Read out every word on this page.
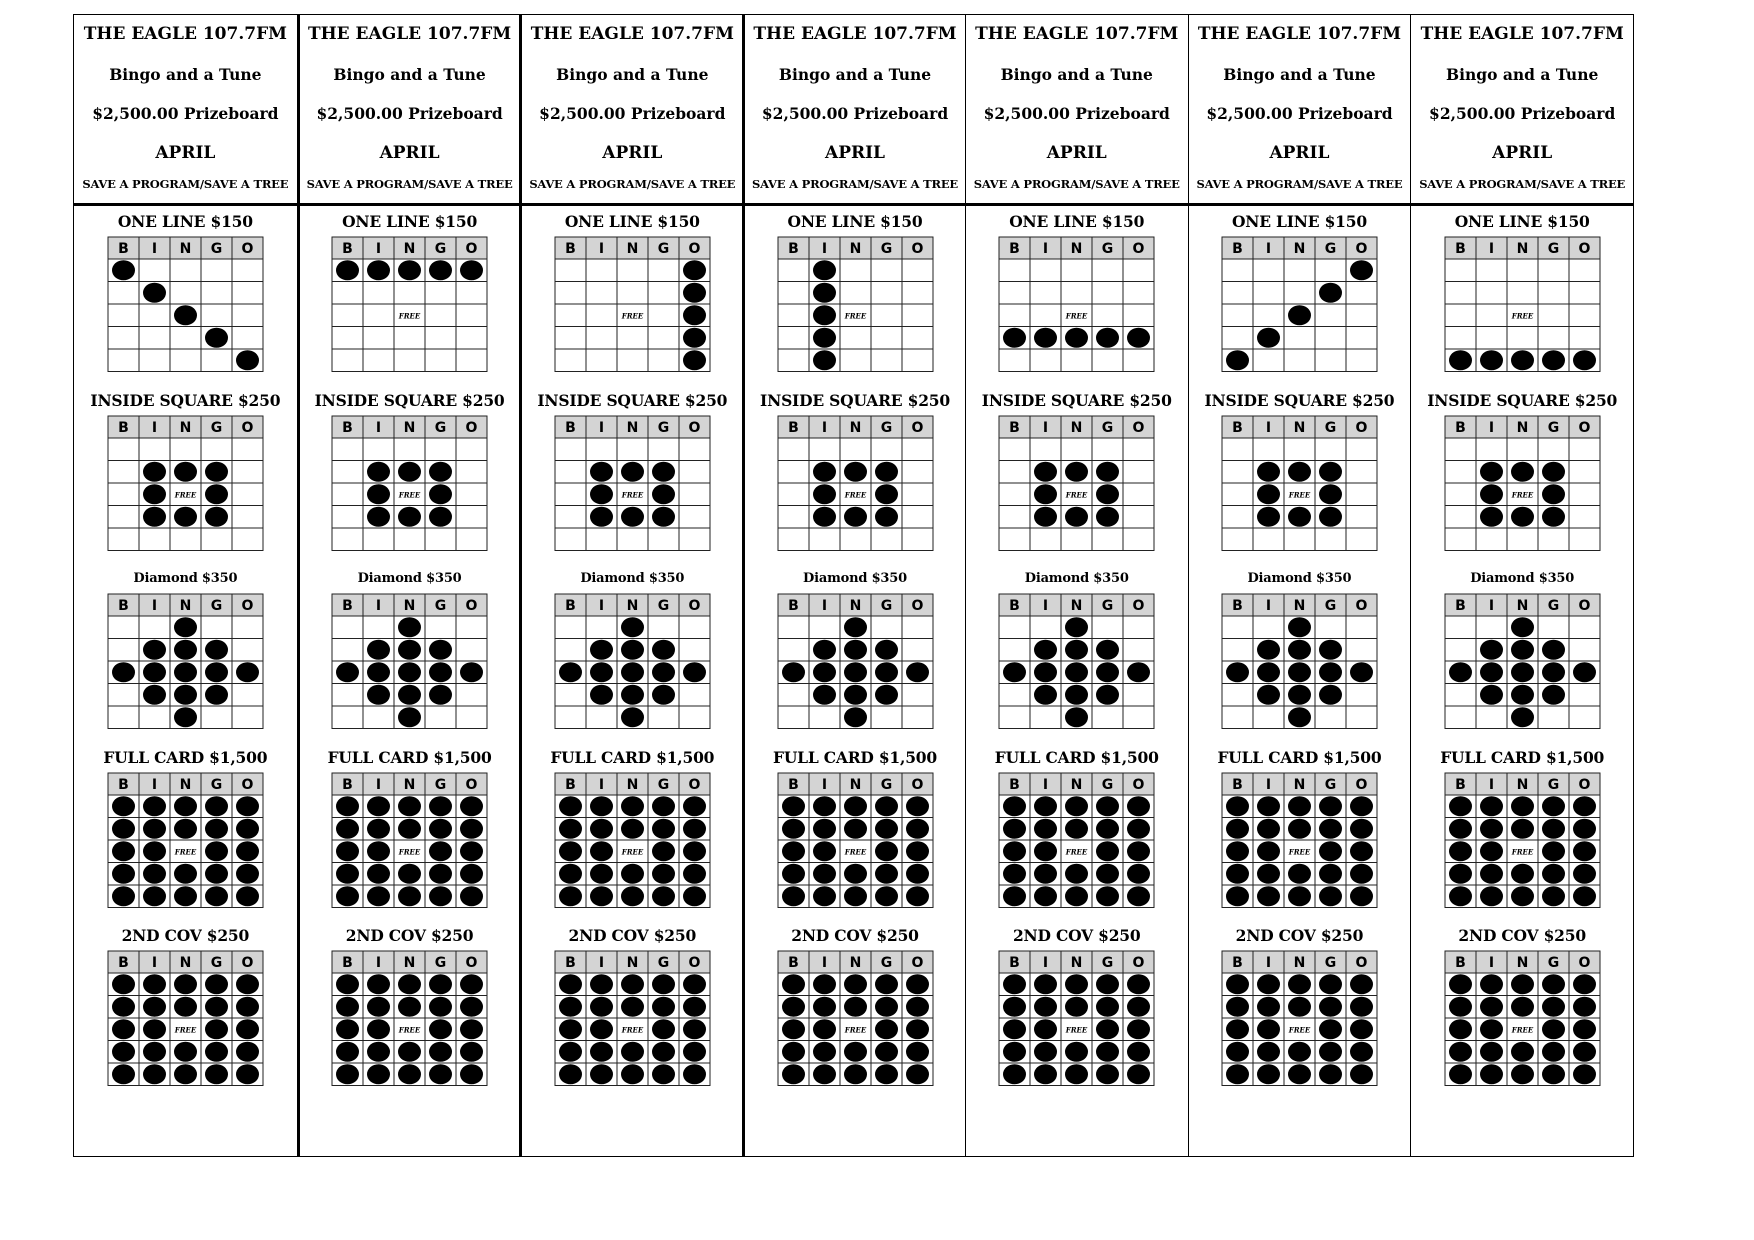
THE EAGLE 107.7FM
Bingo and a Tune
$2,500.00 Prizeboard
APRIL
SAVE A PROGRAM/SAVE A TREE
ONE LINE $150
B I N G O
INSIDE SQUARE $250
B I N G O
FREE
Diamond $350
B I N G O
FULL CARD $1,500
B I N G O
FREE
2ND COV $250
B I N G O
FREE
THE EAGLE 107.7FM
Bingo and a Tune
$2,500.00 Prizeboard
APRIL
SAVE A PROGRAM/SAVE A TREE
ONE LINE $150
B I N G O
FREE
INSIDE SQUARE $250
B I N G O
FREE
Diamond $350
B I N G O
FULL CARD $1,500
B I N G O
FREE
2ND COV $250
B I N G O
FREE
THE EAGLE 107.7FM
Bingo and a Tune
$2,500.00 Prizeboard
APRIL
SAVE A PROGRAM/SAVE A TREE
ONE LINE $150
B I N G O
FREE
INSIDE SQUARE $250
B I N G O
FREE
Diamond $350
B I N G O
FULL CARD $1,500
B I N G O
FREE
2ND COV $250
B I N G O
FREE
THE EAGLE 107.7FM
Bingo and a Tune
$2,500.00 Prizeboard
APRIL
SAVE A PROGRAM/SAVE A TREE
ONE LINE $150
B I N G O
FREE
INSIDE SQUARE $250
B I N G O
FREE
Diamond $350
B I N G O
FULL CARD $1,500
B I N G O
FREE
2ND COV $250
B I N G O
FREE
THE EAGLE 107.7FM
Bingo and a Tune
$2,500.00 Prizeboard
APRIL
SAVE A PROGRAM/SAVE A TREE
ONE LINE $150
B I N G O
FREE
INSIDE SQUARE $250
B I N G O
FREE
Diamond $350
B I N G O
FULL CARD $1,500
B I N G O
FREE
2ND COV $250
B I N G O
FREE
THE EAGLE 107.7FM
Bingo and a Tune
$2,500.00 Prizeboard
APRIL
SAVE A PROGRAM/SAVE A TREE
ONE LINE $150
B I N G O
INSIDE SQUARE $250
B I N G O
FREE
Diamond $350
B I N G O
FULL CARD $1,500
B I N G O
FREE
2ND COV $250
B I N G O
FREE
THE EAGLE 107.7FM
Bingo and a Tune
$2,500.00 Prizeboard
APRIL
SAVE A PROGRAM/SAVE A TREE
ONE LINE $150
B I N G O
FREE
INSIDE SQUARE $250
B I N G O
FREE
Diamond $350
B I N G O
FULL CARD $1,500
B I N G O
FREE
2ND COV $250
B I N G O
FREE
